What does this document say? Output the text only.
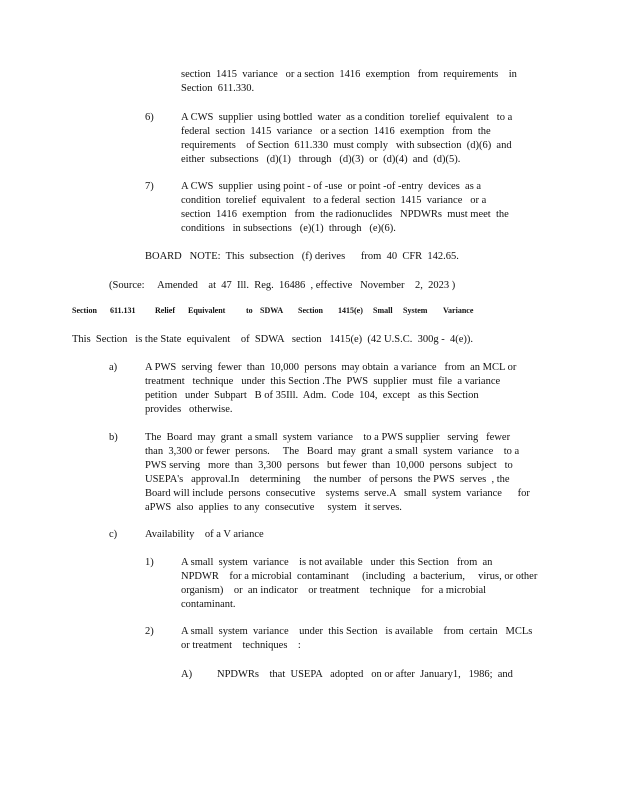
section  1415  variance   or a section  1416  exemption   from  requirements    in
Section  611.330.
6)	A CWS  supplier  using bottled  water  as a condition  torelief  equivalent   to a
federal  section  1415  variance   or a section  1416  exemption   from  the
requirements    of Section  611.330  must comply   with subsection  (d)(6)  and
either  subsections   (d)(1)   through   (d)(3)  or  (d)(4)  and  (d)(5).
7)	A CWS  supplier  using point - of -use  or point -of -entry  devices  as a
condition  torelief  equivalent   to a federal  section  1415  variance   or a
section  1416  exemption   from  the radionuclides   NPDWRs  must meet  the
conditions   in subsections   (e)(1)  through   (e)(6).
BOARD   NOTE:  This  subsection   (f) derives      from  40  CFR  142.65.
(Source:     Amended    at  47  Ill.  Reg.  16486  , effective   November    2,  2023 )
Section	611.131	Relief	Equivalent	to SDWA	Section	1415(e)	Small	System	Variance
This  Section   is the State  equivalent    of  SDWA   section   1415(e)  (42 U.S.C.  300g -  4(e)).
a)	A PWS  serving  fewer  than  10,000  persons  may obtain  a variance   from  an MCL or
treatment   technique   under  this Section .The  PWS  supplier  must  file  a variance
petition   under  Subpart   B of 35Ill.  Adm.  Code  104,  except   as this Section
provides   otherwise.
b)	The  Board  may  grant  a small  system  variance    to a PWS supplier   serving   fewer
than  3,300 or fewer  persons.     The   Board  may  grant  a small  system  variance    to a
PWS serving   more  than  3,300  persons   but fewer  than  10,000  persons  subject   to
USEPA's   approval.In    determining     the number   of persons  the PWS  serves  , the
Board will include  persons  consecutive    systems  serve.A   small  system  variance      for
aPWS  also  applies  to any  consecutive     system   it serves.
c)	Availability    of a V ariance
1)	A small  system  variance    is not available   under  this Section   from  an
NPDWR    for a microbial  contaminant     (including   a bacterium,     virus, or other
organism)    or  an indicator    or treatment    technique    for  a microbial
contaminant.
2)	A small  system  variance    under  this Section   is available    from  certain   MCLs
or treatment    techniques    :
A) NPDWRs    that  USEPA   adopted   on or after  January1,   1986;  and
